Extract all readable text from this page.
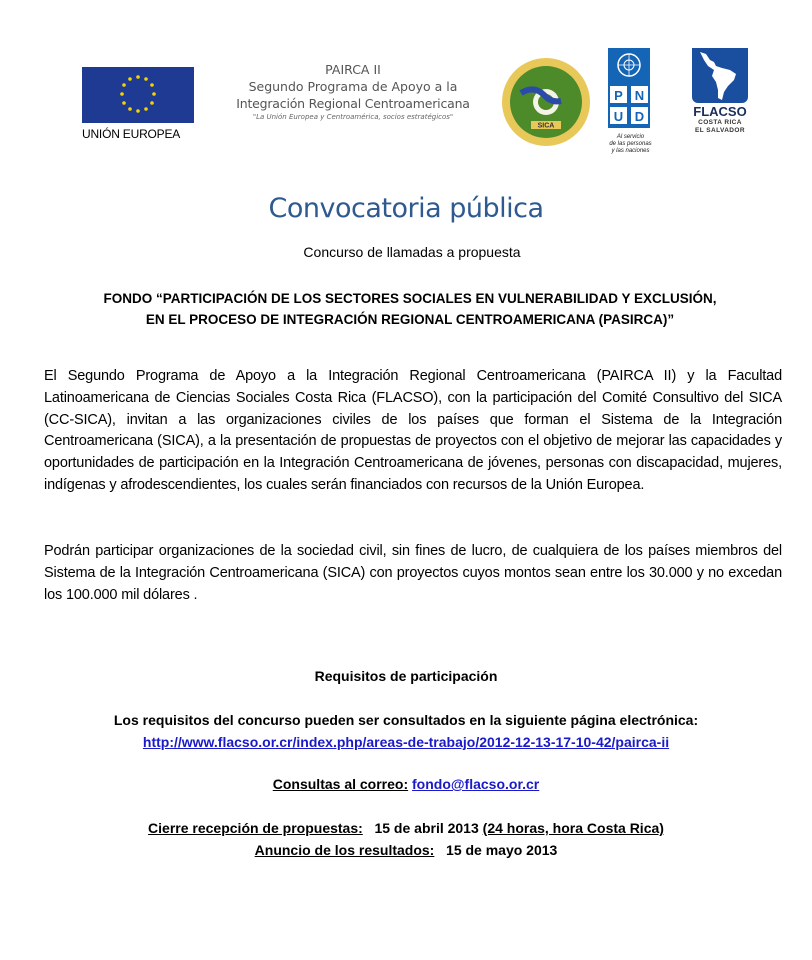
UNIÓN EUROPEA
PAIRCA II
Segundo Programa de Apoyo a la
Integración Regional Centroamericana
"La Unión Europea y Centroamérica, socios estratégicos"
SICA
P N
U D
Al servicio
de las personas
y las naciones
FLACSO
COSTA RICA
EL SALVADOR
Convocatoria pública
Concurso de llamadas a propuesta
FONDO “PARTICIPACIÓN DE LOS SECTORES SOCIALES EN VULNERABILIDAD Y EXCLUSIÓN,
EN EL PROCESO DE INTEGRACIÓN REGIONAL CENTROAMERICANA (PASIRCA)”
El Segundo Programa de Apoyo a la Integración Regional Centroamericana (PAIRCA II) y la Facultad Latinoamericana de Ciencias Sociales Costa Rica (FLACSO), con la participación del Comité Consultivo del SICA (CC-SICA), invitan a las organizaciones civiles de los países que forman el Sistema de la Integración Centroamericana (SICA), a la presentación de propuestas de proyectos con el objetivo de mejorar las capacidades y oportunidades de participación en la Integración Centroamericana de jóvenes, personas con discapacidad, mujeres, indígenas y afrodescendientes, los cuales serán financiados con recursos de la Unión Europea.
Podrán participar organizaciones de la sociedad civil, sin fines de lucro, de cualquiera de los países miembros del Sistema de la Integración Centroamericana (SICA) con proyectos cuyos montos sean entre los 30.000 y no excedan los 100.000 mil dólares .
Requisitos de participación
Los requisitos del concurso pueden ser consultados en la siguiente página electrónica:
http://www.flacso.or.cr/index.php/areas-de-trabajo/2012-12-13-17-10-42/pairca-ii
Consultas al correo: fondo@flacso.or.cr
Cierre recepción de propuestas: 15 de abril 2013 (24 horas, hora Costa Rica)
Anuncio de los resultados: 15 de mayo 2013
